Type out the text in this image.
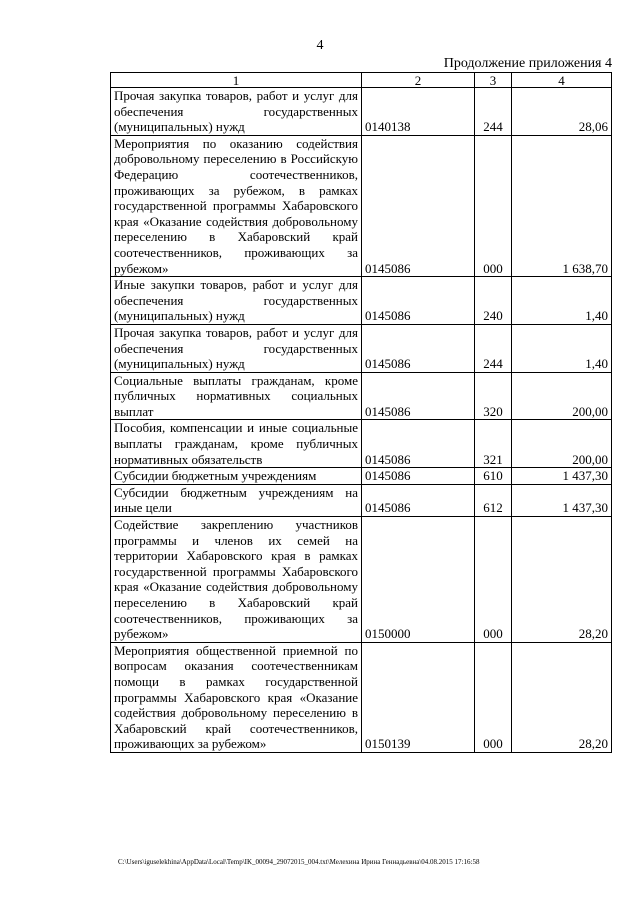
4
Продолжение приложения 4
1	2	3	4
Прочая закупка товаров, работ и услуг для обеспечения государственных (муниципальных) нужд	0140138	244	28,06
Мероприятия по оказанию содействия добровольному переселению в Российскую Федерацию соотечественников, проживающих за рубежом, в рамках государственной программы Хабаровского края «Оказание содействия добровольному переселению в Хабаровский край соотечественников, проживающих за рубежом»	0145086	000	1 638,70
Иные закупки товаров, работ и услуг для обеспечения государственных (муниципальных) нужд	0145086	240	1,40
Прочая закупка товаров, работ и услуг для обеспечения государственных (муниципальных) нужд	0145086	244	1,40
Социальные выплаты гражданам, кроме публичных нормативных социальных выплат	0145086	320	200,00
Пособия, компенсации и иные социальные выплаты гражданам, кроме публичных нормативных обязательств	0145086	321	200,00
Субсидии бюджетным учреждениям	0145086	610	1 437,30
Субсидии бюджетным учреждениям на иные цели	0145086	612	1 437,30
Содействие закреплению участников программы и членов их семей на территории Хабаровского края в рамках государственной программы Хабаровского края «Оказание содействия добровольному переселению в Хабаровский край соотечественников, проживающих за рубежом»	0150000	000	28,20
Мероприятия общественной приемной по вопросам оказания соотечественникам помощи в рамках государственной программы Хабаровского края «Оказание содействия добровольному переселению в Хабаровский край соотечественников, проживающих за рубежом»	0150139	000	28,20
C:\Users\iguselekhina\AppData\Local\Temp\IK_00094_29072015_004.txt\Мелехина Ирина Геннадьевна\04.08.2015 17:16:58
